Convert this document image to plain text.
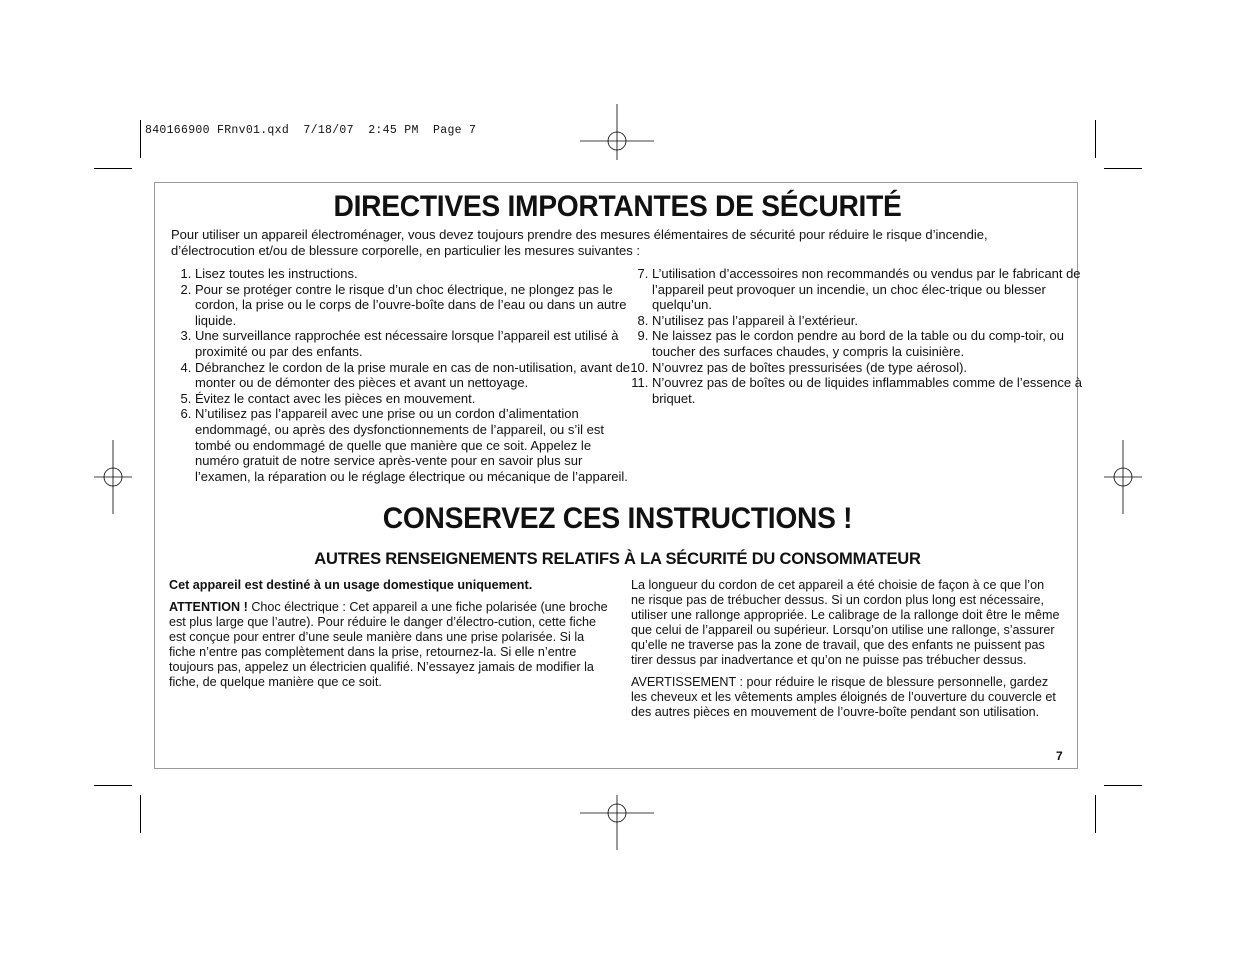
840166900 FRnv01.qxd  7/18/07  2:45 PM  Page 7
DIRECTIVES IMPORTANTES DE SÉCURITÉ
Pour utiliser un appareil électroménager, vous devez toujours prendre des mesures élémentaires de sécurité pour réduire le risque d’incendie, d’électrocution et/ou de blessure corporelle, en particulier les mesures suivantes :
1. Lisez toutes les instructions.
2. Pour se protéger contre le risque d’un choc électrique, ne plongez pas le cordon, la prise ou le corps de l’ouvre-boîte dans de l’eau ou dans un autre liquide.
3. Une surveillance rapprochée est nécessaire lorsque l’appareil est utilisé à proximité ou par des enfants.
4. Débranchez le cordon de la prise murale en cas de non-utilisation, avant de monter ou de démonter des pièces et avant un nettoyage.
5. Évitez le contact avec les pièces en mouvement.
6. N’utilisez pas l’appareil avec une prise ou un cordon d’alimentation endommagé, ou après des dysfonctionnements de l’appareil, ou s’il est tombé ou endommagé de quelle que manière que ce soit. Appelez le numéro gratuit de notre service après-vente pour en savoir plus sur l’examen, la réparation ou le réglage électrique ou mécanique de l’appareil.
7. L’utilisation d’accessoires non recommandés ou vendus par le fabricant de l’appareil peut provoquer un incendie, un choc élec-trique ou blesser quelqu’un.
8. N’utilisez pas l’appareil à l’extérieur.
9. Ne laissez pas le cordon pendre au bord de la table ou du comp-toir, ou toucher des surfaces chaudes, y compris la cuisinière.
10. N’ouvrez pas de boîtes pressurisées (de type aérosol).
11. N’ouvrez pas de boîtes ou de liquides inflammables comme de l’essence à briquet.
CONSERVEZ CES INSTRUCTIONS !
AUTRES RENSEIGNEMENTS RELATIFS À LA SÉCURITÉ DU CONSOMMATEUR

Cet appareil est destiné à un usage domestique uniquement.

ATTENTION ! Choc électrique : Cet appareil a une fiche polarisée (une broche est plus large que l’autre). Pour réduire le danger d’électro-cution, cette fiche est conçue pour entrer d’une seule manière dans une prise polarisée. Si la fiche n’entre pas complètement dans la prise, retournez-la. Si elle n’entre toujours pas, appelez un électricien qualifié. N’essayez jamais de modifier la fiche, de quelque manière que ce soit.

La longueur du cordon de cet appareil a été choisie de façon à ce que l’on ne risque pas de trébucher dessus. Si un cordon plus long est nécessaire, utiliser une rallonge appropriée. Le calibrage de la rallonge doit être le même que celui de l’appareil ou supérieur. Lorsqu’on utilise une rallonge, s’assurer qu’elle ne traverse pas la zone de travail, que des enfants ne puissent pas tirer dessus par inadvertance et qu’on ne puisse pas trébucher dessus.

AVERTISSEMENT : pour réduire le risque de blessure personnelle, gardez les cheveux et les vêtements amples éloignés de l’ouverture du couvercle et des autres pièces en mouvement de l’ouvre-boîte pendant son utilisation.

7
